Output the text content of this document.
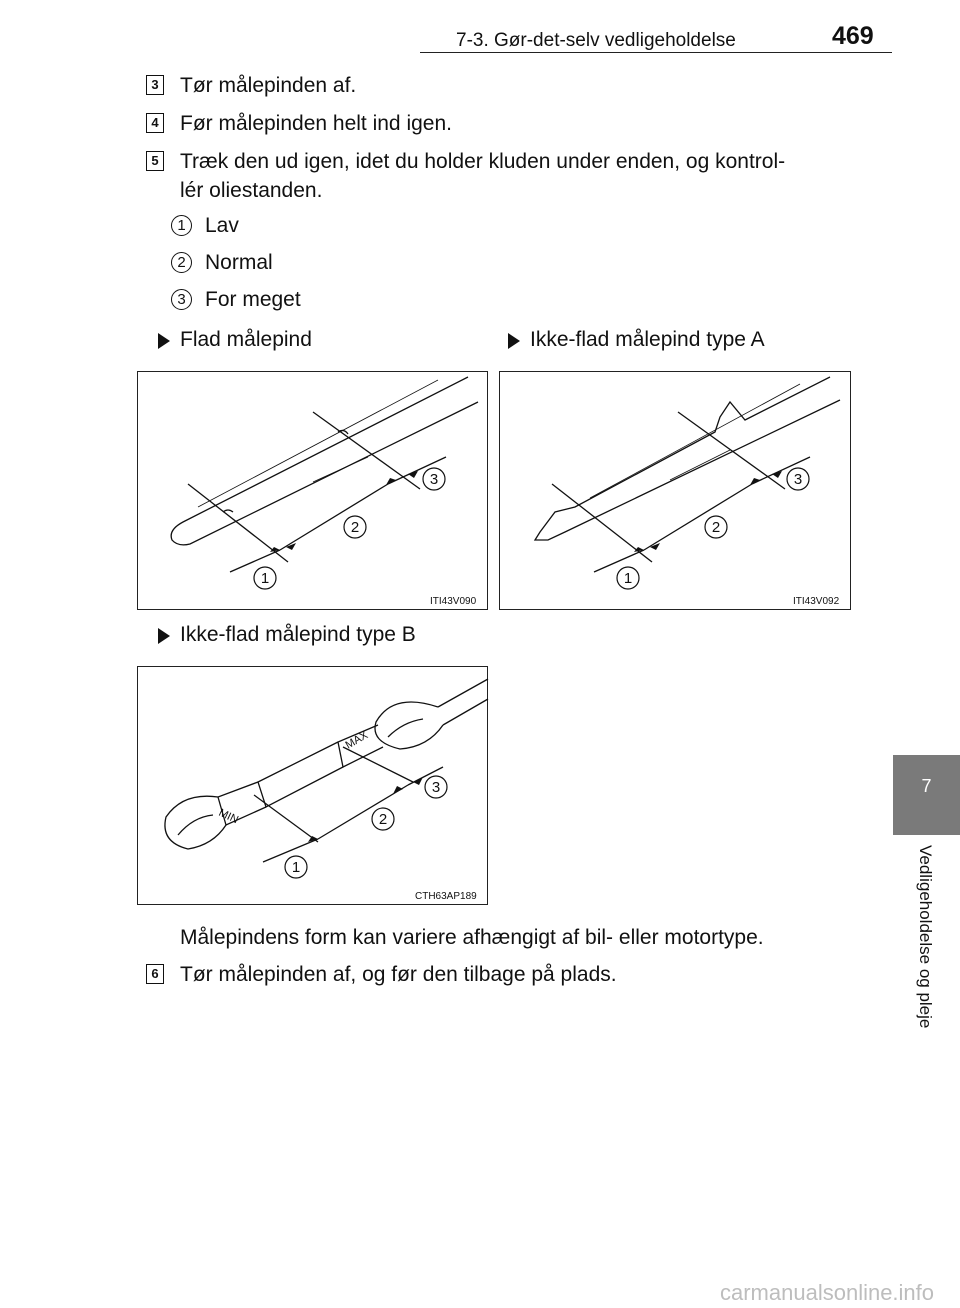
7-3. Gør-det-selv vedligeholdelse	469
7
Vedligeholdelse og pleje
3 Tør målepinden af.
4 Før målepinden helt ind igen.
5 Træk den ud igen, idet du holder kluden under enden, og kontrol-
lér oliestanden.
1 Lav
2 Normal
3 For meget
Flad målepind	Ikke-flad målepind type A
1
2
3
ITI43V090
1
2
3
ITI43V092
Ikke-flad målepind type B
MIN
MAX
1
2
3
CTH63AP189
Målepindens form kan variere afhængigt af bil- eller motortype.
6 Tør målepinden af, og før den tilbage på plads.
carmanualsonline.info
